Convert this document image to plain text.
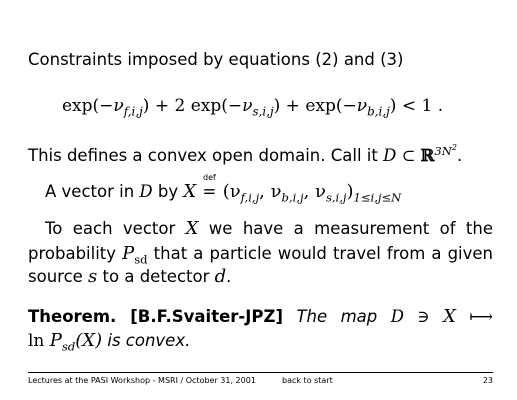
Constraints imposed by equations (2) and (3)
$\exp(-\nu_{f,i,j}) + 2$ $\exp(-\nu_{s,i,j}) + \exp(-\nu_{b,i,j}) < 1$ .
This defines a convex open domain. Call it D ⊂ ℝ$^{3N^2}$.
A vector in D by X
def
= ($\nu_{f,i,j}$, $\nu_{b,i,j}$, $\nu_{s,i,j})_{1\le i,j\le N}$
To each vector X we have a measurement of the
probability $P_{sd}$ that a particle would travel from a given
source s to a detector d.
Theorem. [B.F.Svaiter-JPZ] The map D ∋ X ⟼
$\ln P_{sd}(X)$ is convex.
Lectures at the PASI Workshop - MSRI / October 31, 2001	back to start	23
